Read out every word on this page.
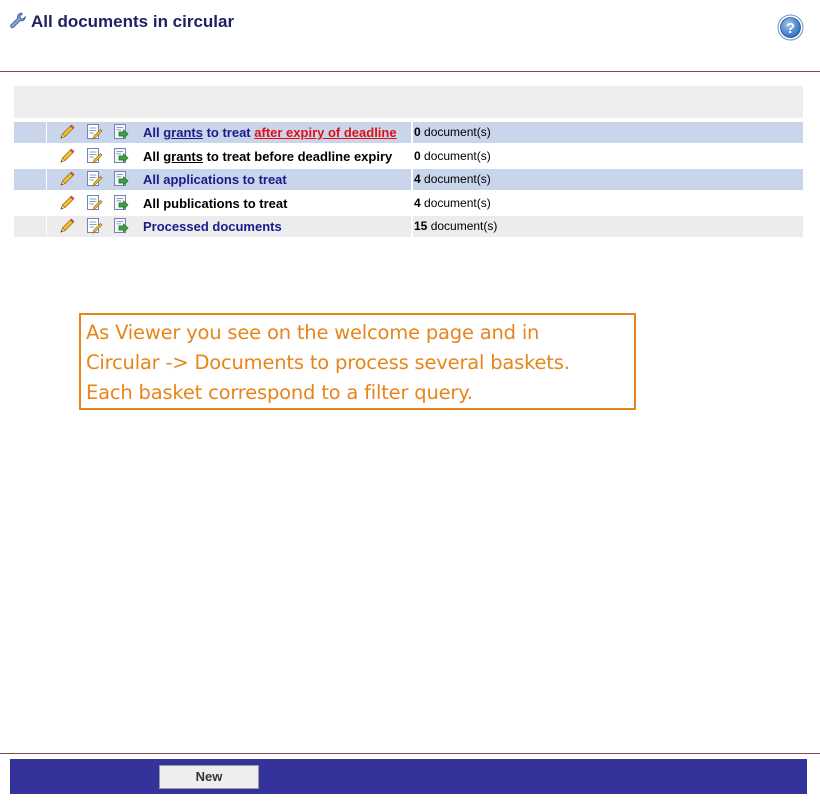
All documents in circular	?
All grants to treat after expiry of deadline	0 document(s)
All grants to treat before deadline expiry	0 document(s)
All applications to treat	4 document(s)
All publications to treat	4 document(s)
Processed documents	15 document(s)
As Viewer you see on the welcome page and in
Circular -> Documents to process several baskets.
Each basket correspond to a filter query.
New
